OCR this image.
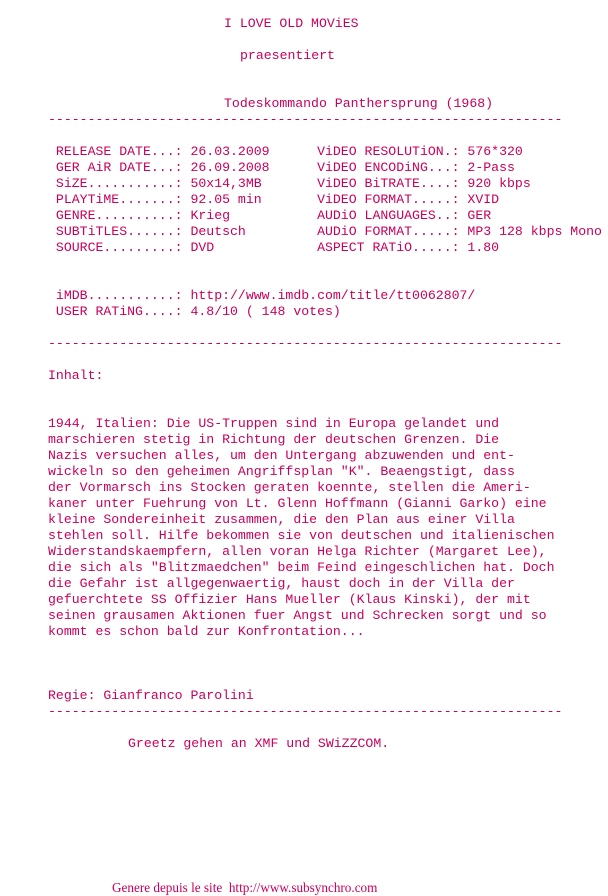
I LOVE OLD MOViES

praesentiert

Todeskommando Panthersprung (1968)

-----------------------------------------------------------------

RELEASE DATE...: 26.03.2009      ViDEO RESOLUTiON.: 576*320

GER AiR DATE...: 26.09.2008      ViDEO ENCODiNG...: 2-Pass

SiZE...........: 50x14,3MB       ViDEO BiTRATE....: 920 kbps

PLAYTiME.......: 92.05 min       ViDEO FORMAT.....: XVID

GENRE..........: Krieg           AUDiO LANGUAGES..: GER

SUBTiTLES......: Deutsch         AUDiO FORMAT.....: MP3 128 kbps Mono

SOURCE.........: DVD             ASPECT RATiO.....: 1.80

iMDB...........: http://www.imdb.com/title/tt0062807/

USER RATiNG....: 4.8/10 ( 148 votes)

-----------------------------------------------------------------

Inhalt:

1944, Italien: Die US-Truppen sind in Europa gelandet und

marschieren stetig in Richtung der deutschen Grenzen. Die

Nazis versuchen alles, um den Untergang abzuwenden und ent-

wickeln so den geheimen Angriffsplan "K". Beaengstigt, dass

der Vormarsch ins Stocken geraten koennte, stellen die Ameri-

kaner unter Fuehrung von Lt. Glenn Hoffmann (Gianni Garko) eine

kleine Sondereinheit zusammen, die den Plan aus einer Villa

stehlen soll. Hilfe bekommen sie von deutschen und italienischen

Widerstandskaempfern, allen voran Helga Richter (Margaret Lee),

die sich als "Blitzmaedchen" beim Feind eingeschlichen hat. Doch

die Gefahr ist allgegenwaertig, haust doch in der Villa der

gefuerchtete SS Offizier Hans Mueller (Klaus Kinski), der mit

seinen grausamen Aktionen fuer Angst und Schrecken sorgt und so

kommt es schon bald zur Konfrontation...

Regie: Gianfranco Parolini

-----------------------------------------------------------------

Greetz gehen an XMF und SWiZZCOM.

Genere depuis le site  http://www.subsynchro.com
